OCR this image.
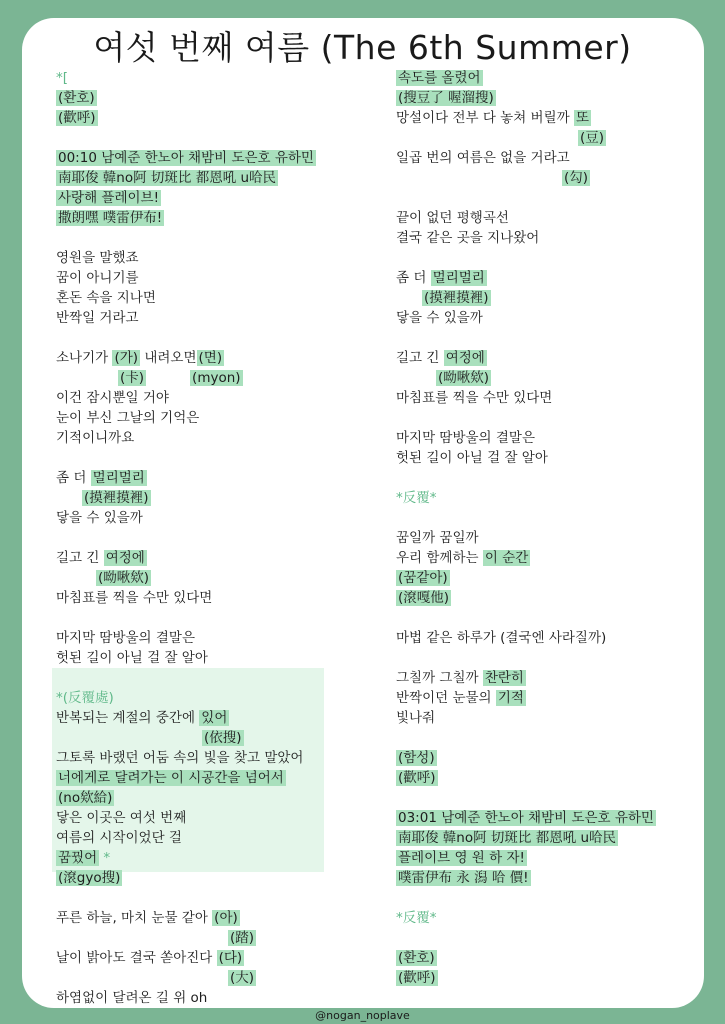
여섯 번째 여름 (The 6th Summer)
*[
(환호)
(歡呼)
00:10 남예준 한노아 채밤비 도은호 유하민
南耶俊 韓no阿 切斑比 都恩吼 u哈民
사랑해 플레이브!
撒朗嘿 噗雷伊布!
영원을 말했죠
꿈이 아니기를
혼돈 속을 지나면
반짝일 거라고
소나기가 (가) 내려오면 (면)
(卡)	(myon)
이건 잠시뿐일 거야
눈이 부신 그날의 기억은
기적이니까요
좀 더 멀리멀리
(摸裡摸裡)
닿을 수 있을까
길고 긴 여정에
(呦啾欸)
마침표를 찍을 수만 있다면
마지막 땀방울의 결말은
헛된 길이 아닐 걸 잘 알아
*(反覆處)
반복되는 계절의 중간에 있어
(依搜)
그토록 바랬던 어둠 속의 빛을 찾고 말았어
너에게로 달려가는 이 시공간을 넘어서
(no欸給)
닿은 이곳은 여섯 번째
여름의 시작이었단 걸
꿈꿨어 *
(滾gyo搜)
푸른 하늘, 마치 눈물 같아 (아)
(踏)
날이 밝아도 결국 쏟아진다 (다)
(大)
하염없이 달려온 길 위 oh
속도를 올렸어
(搜豆了 喔溜搜)
망설이다 전부 다 놓쳐 버릴까 또
(豆)
일곱 번의 여름은 없을 거라고
(勾)
끝이 없던 평행곡선
결국 같은 곳을 지나왔어
좀 더 멀리멀리
(摸裡摸裡)
닿을 수 있을까
길고 긴 여정에
(呦啾欸)
마침표를 찍을 수만 있다면
마지막 땀방울의 결말은
헛된 길이 아닐 걸 잘 알아
*反覆*
꿈일까 꿈일까
우리 함께하는 이 순간
(꿈같아)
(滾嘎他)
마법 같은 하루가 (결국엔 사라질까)
그칠까 그칠까 찬란히
반짝이던 눈물의 기적
빛나줘
(함성)
(歡呼)
03:01 남예준 한노아 채밤비 도은호 유하민
南耶俊 韓no阿 切斑比 都恩吼 u哈民
플레이브 영 원 하 자!
噗雷伊布 永 潟 哈 價!
*反覆*
(환호)
(歡呼)
@nogan_noplave
